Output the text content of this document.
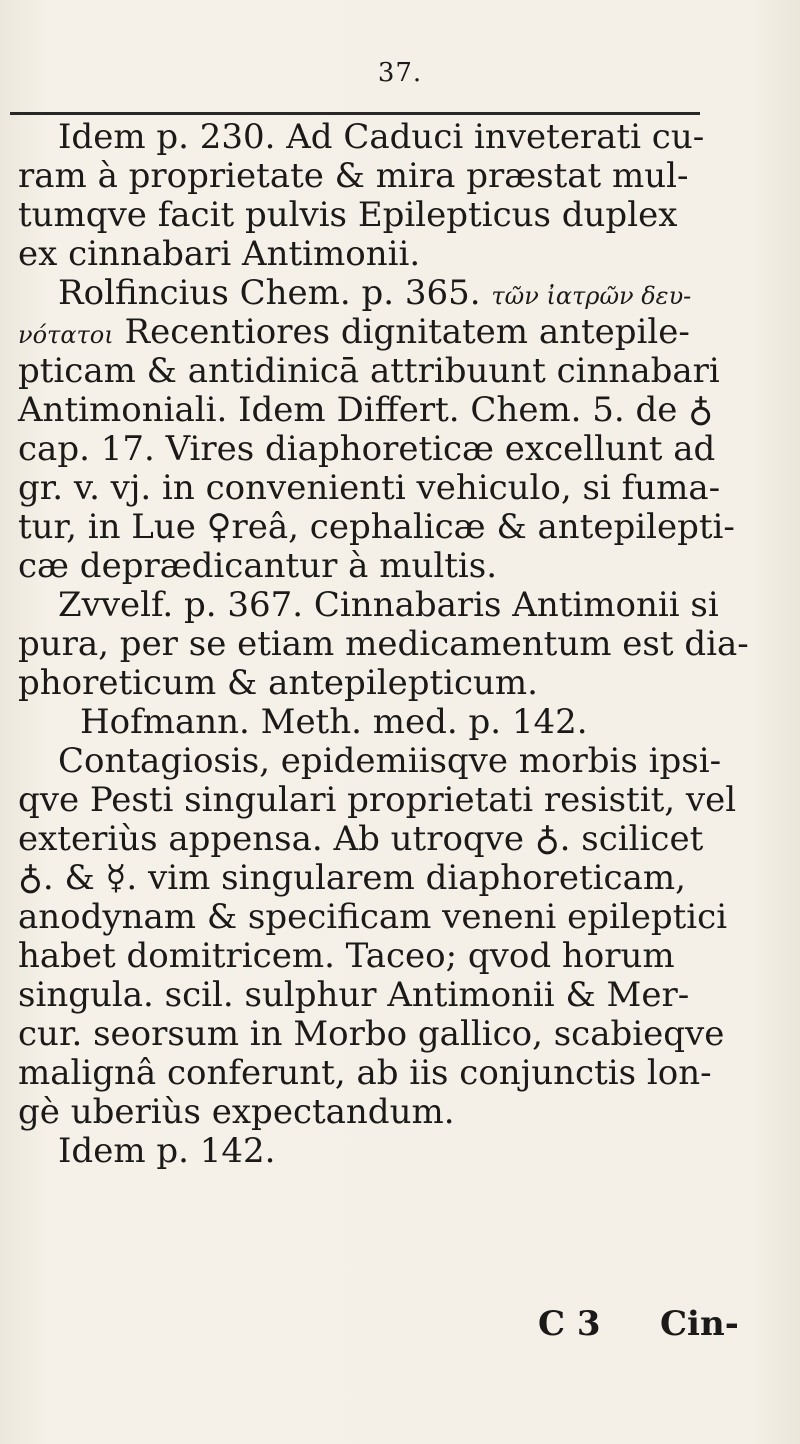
37.
Idem p. 230. Ad Caduci inveterati cu-
ram à proprietate & mira præstat mul-
tumqve facit pulvis Epilepticus duplex
ex cinnabari Antimonii.
Rolfincius Chem. p. 365. τῶν ἰατρῶν δευ-
νότατοι Recentiores dignitatem antepile-
pticam & antidinicā attribuunt cinnabari
Antimoniali. Idem Differt. Chem. 5. de ♁
cap. 17. Vires diaphoreticæ excellunt ad
gr. v. vj. in convenienti vehiculo, si fuma-
tur, in Lue ♀reâ, cephalicæ & antepilepti-
cæ deprædicantur à multis.
Zvvelf. p. 367. Cinnabaris Antimonii si
pura, per se etiam medicamentum est dia-
phoreticum & antepilepticum.
Hofmann. Meth. med. p. 142.
Contagiosis, epidemiisqve morbis ipsi-
qve Pesti singulari proprietati resistit, vel
exteriùs appensa. Ab utroqve ♁. scilicet
♁. & ☿. vim singularem diaphoreticam,
anodynam & specificam veneni epileptici
habet domitricem. Taceo; qvod horum
singula. scil. sulphur Antimonii & Mer-
cur. seorsum in Morbo gallico, scabieqve
malignâ conferunt, ab iis conjunctis lon-
gè uberiùs expectandum.
Idem p. 142.
C 3 Cin-
